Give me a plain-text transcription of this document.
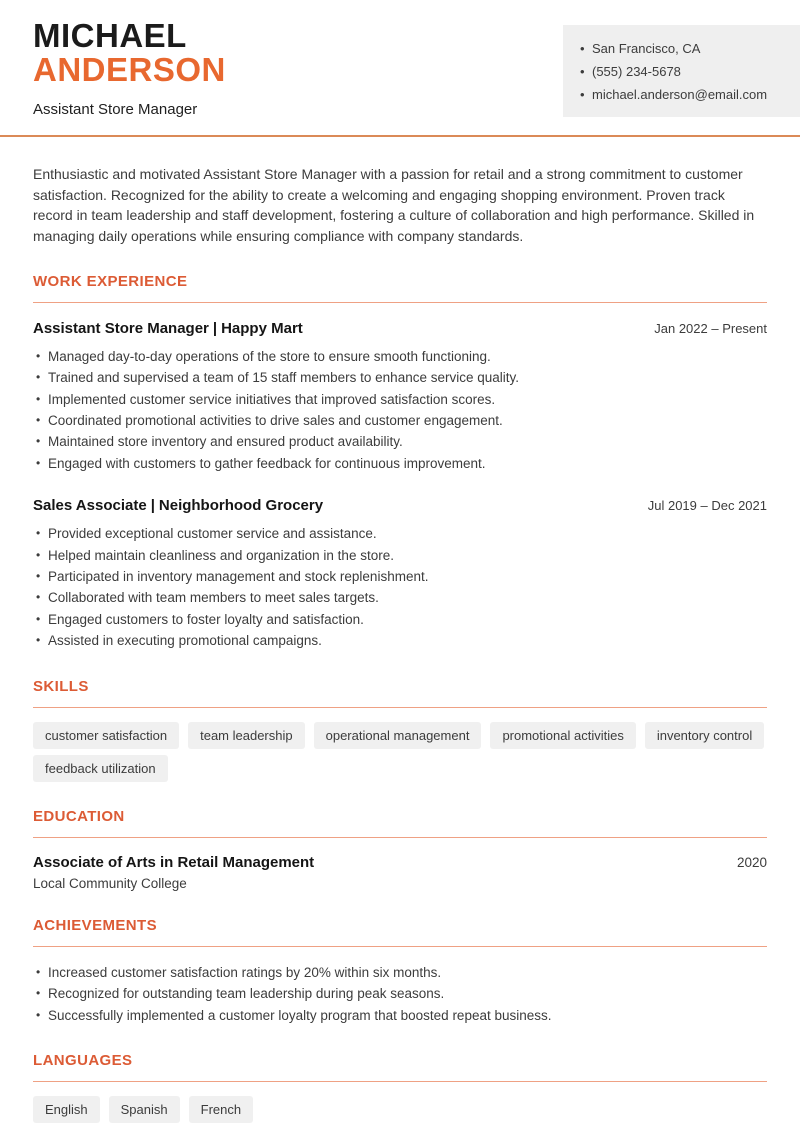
MICHAEL
ANDERSON
Assistant Store Manager
• San Francisco, CA
• (555) 234-5678
• michael.anderson@email.com

Enthusiastic and motivated Assistant Store Manager with a passion for retail and a strong commitment to customer satisfaction. Recognized for the ability to create a welcoming and engaging shopping environment. Proven track record in team leadership and staff development, fostering a culture of collaboration and high performance. Skilled in managing daily operations while ensuring compliance with company standards.

WORK EXPERIENCE
Assistant Store Manager | Happy Mart	Jan 2022 – Present
• Managed day-to-day operations of the store to ensure smooth functioning.
• Trained and supervised a team of 15 staff members to enhance service quality.
• Implemented customer service initiatives that improved satisfaction scores.
• Coordinated promotional activities to drive sales and customer engagement.
• Maintained store inventory and ensured product availability.
• Engaged with customers to gather feedback for continuous improvement.
Sales Associate | Neighborhood Grocery	Jul 2019 – Dec 2021
• Provided exceptional customer service and assistance.
• Helped maintain cleanliness and organization in the store.
• Participated in inventory management and stock replenishment.
• Collaborated with team members to meet sales targets.
• Engaged customers to foster loyalty and satisfaction.
• Assisted in executing promotional campaigns.
SKILLS
customer satisfaction	team leadership	operational management	promotional activities	inventory control
feedback utilization
EDUCATION
Associate of Arts in Retail Management	2020
Local Community College
ACHIEVEMENTS
• Increased customer satisfaction ratings by 20% within six months.
• Recognized for outstanding team leadership during peak seasons.
• Successfully implemented a customer loyalty program that boosted repeat business.
LANGUAGES
English	Spanish	French
